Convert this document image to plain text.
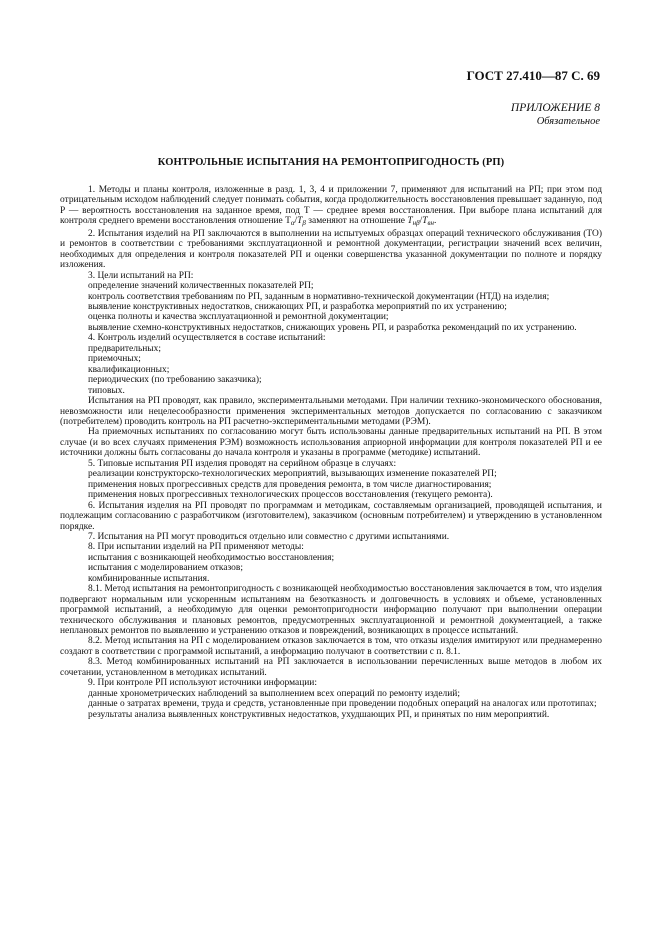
ГОСТ 27.410—87 С. 69
ПРИЛОЖЕНИЕ 8
Обязательное
КОНТРОЛЬНЫЕ ИСПЫТАНИЯ НА РЕМОНТОПРИГОДНОСТЬ (РП)

1. Методы и планы контроля, изложенные в разд. 1, 3, 4 и приложении 7, применяют для испытаний на РП; при этом под отрицательным исходом наблюдений следует понимать события, когда продолжительность восстановления превышает заданную, под P — вероятность восстановления на заданное время, под T — среднее время восстановления. При выборе плана испытаний для контроля среднего времени восстановления отношение $T_\alpha/T_\beta$ заменяют на отношение $T_{н\beta}/T_{вн}$.

2. Испытания изделий на РП заключаются в выполнении на испытуемых образцах операций технического обслуживания (ТО) и ремонтов в соответствии с требованиями эксплуатационной и ремонтной документации, регистрации значений всех величин, необходимых для определения и контроля показателей РП и оценки совершенства указанной документации по полноте и порядку изложения.

3. Цели испытаний на РП:

определение значений количественных показателей РП;

контроль соответствия требованиям по РП, заданным в нормативно-технической документации (НТД) на изделия;

выявление конструктивных недостатков, снижающих РП, и разработка мероприятий по их устранению;

оценка полноты и качества эксплуатационной и ремонтной документации;

выявление схемно-конструктивных недостатков, снижающих уровень РП, и разработка рекомендаций по их устранению.

4. Контроль изделий осуществляется в составе испытаний:

предварительных;

приемочных;

квалификационных;

периодических (по требованию заказчика);

типовых.

Испытания на РП проводят, как правило, экспериментальными методами. При наличии технико-экономического обоснования, невозможности или нецелесообразности применения экспериментальных методов допускается по согласованию с заказчиком (потребителем) проводить контроль на РП расчетно-экспериментальными методами (РЭМ).

На приемочных испытаниях по согласованию могут быть использованы данные предварительных испытаний на РП. В этом случае (и во всех случаях применения РЭМ) возможность использования априорной информации для контроля показателей РП и ее источники должны быть согласованы до начала контроля и указаны в программе (методике) испытаний.

5. Типовые испытания РП изделия проводят на серийном образце в случаях:

реализации конструкторско-технологических мероприятий, вызывающих изменение показателей РП;

применения новых прогрессивных средств для проведения ремонта, в том числе диагностирования;

применения новых прогрессивных технологических процессов восстановления (текущего ремонта).

6. Испытания изделия на РП проводят по программам и методикам, составляемым организацией, проводящей испытания, и подлежащим согласованию с разработчиком (изготовителем), заказчиком (основным потребителем) и утверждению в установленном порядке.

7. Испытания на РП могут проводиться отдельно или совместно с другими испытаниями.

8. При испытании изделий на РП применяют методы:

испытания с возникающей необходимостью восстановления;

испытания с моделированием отказов;

комбинированные испытания.

8.1. Метод испытания на ремонтопригодность с возникающей необходимостью восстановления заключается в том, что изделия подвергают нормальным или ускоренным испытаниям на безотказность и долговечность в условиях и объеме, установленных программой испытаний, а необходимую для оценки ремонтопригодности информацию получают при выполнении операции технического обслуживания и плановых ремонтов, предусмотренных эксплуатационной и ремонтной документацией, а также неплановых ремонтов по выявлению и устранению отказов и повреждений, возникающих в процессе испытаний.

8.2. Метод испытания на РП с моделированием отказов заключается в том, что отказы изделия имитируют или преднамеренно создают в соответствии с программой испытаний, а информацию получают в соответствии с п. 8.1.

8.3. Метод комбинированных испытаний на РП заключается в использовании перечисленных выше методов в любом их сочетании, установленном в методиках испытаний.

9. При контроле РП используют источники информации:

данные хронометрических наблюдений за выполнением всех операций по ремонту изделий;

данные о затратах времени, труда и средств, установленные при проведении подобных операций на аналогах или прототипах;

результаты анализа выявленных конструктивных недостатков, ухудшающих РП, и принятых по ним мероприятий.
